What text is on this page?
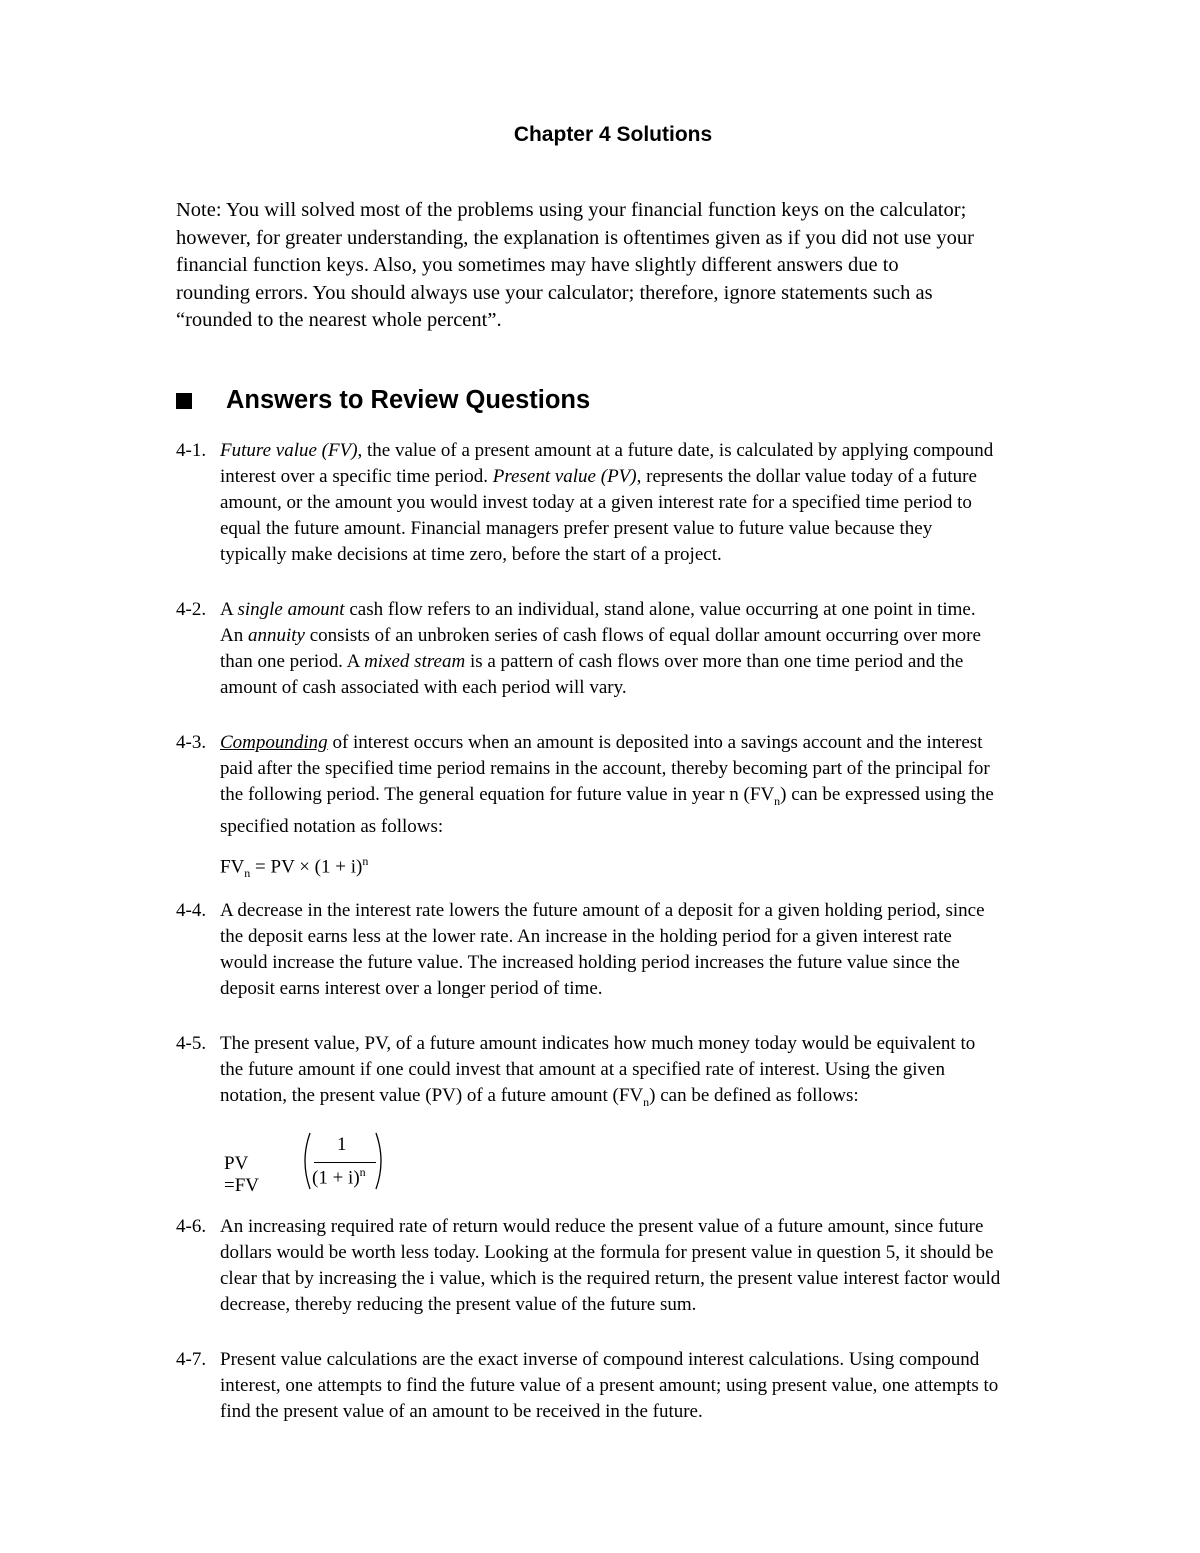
Chapter 4 Solutions
Note: You will solved most of the problems using your financial function keys on the calculator;
however, for greater understanding, the explanation is oftentimes given as if you did not use your
financial function keys. Also, you sometimes may have slightly different answers due to
rounding errors. You should always use your calculator; therefore, ignore statements such as
“rounded to the nearest whole percent”.
Answers to Review Questions
4-1. Future value (FV), the value of a present amount at a future date, is calculated by applying compound
interest over a specific time period. Present value (PV), represents the dollar value today of a future
amount, or the amount you would invest today at a given interest rate for a specified time period to
equal the future amount. Financial managers prefer present value to future value because they
typically make decisions at time zero, before the start of a project.
4-2. A single amount cash flow refers to an individual, stand alone, value occurring at one point in time.
An annuity consists of an unbroken series of cash flows of equal dollar amount occurring over more
than one period. A mixed stream is a pattern of cash flows over more than one time period and the
amount of cash associated with each period will vary.
4-3. Compounding of interest occurs when an amount is deposited into a savings account and the interest
paid after the specified time period remains in the account, thereby becoming part of the principal for
the following period. The general equation for future value in year n $(FV_n)$ can be expressed using the
specified notation as follows:
$FV_n$ = PV × $(1 + i)^n$
4-4. A decrease in the interest rate lowers the future amount of a deposit for a given holding period, since
the deposit earns less at the lower rate. An increase in the holding period for a given interest rate
would increase the future value. The increased holding period increases the future value since the
deposit earns interest over a longer period of time.
4-5. The present value, PV, of a future amount indicates how much money today would be equivalent to
the future amount if one could invest that amount at a specified rate of interest. Using the given
notation, the present value (PV) of a future amount $(FV_n)$ can be defined as follows:
PV =FV
1
$(1 + i)^n$
4-6. An increasing required rate of return would reduce the present value of a future amount, since future
dollars would be worth less today. Looking at the formula for present value in question 5, it should be
clear that by increasing the i value, which is the required return, the present value interest factor would
decrease, thereby reducing the present value of the future sum.
4-7. Present value calculations are the exact inverse of compound interest calculations. Using compound
interest, one attempts to find the future value of a present amount; using present value, one attempts to
find the present value of an amount to be received in the future.
